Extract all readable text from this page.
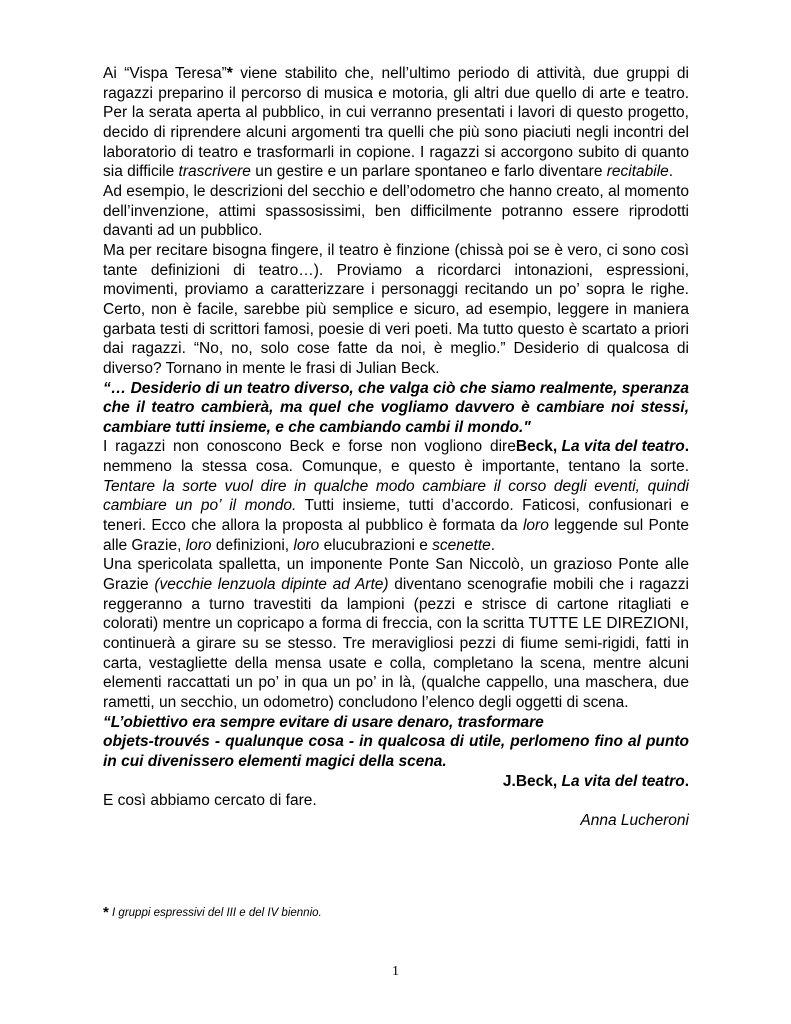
Ai “Vispa Teresa”* viene stabilito che, nell’ultimo periodo di attività, due gruppi di ragazzi preparino il percorso di musica e motoria, gli altri due quello di arte e teatro. Per la serata aperta al pubblico, in cui verranno presentati i lavori di questo progetto, decido di riprendere alcuni argomenti tra quelli che più sono piaciuti negli incontri del laboratorio di teatro e trasformarli in copione. I ragazzi si accorgono subito di quanto sia difficile trascrivere un gestire e un parlare spontaneo e farlo diventare recitabile.

Ad esempio, le descrizioni del secchio e dell’odometro che hanno creato, al momento dell’invenzione, attimi spassosissimi, ben difficilmente potranno essere riprodotti davanti ad un pubblico.

Ma per recitare bisogna fingere, il teatro è finzione (chissà poi se è vero, ci sono così tante definizioni di teatro…). Proviamo a ricordarci intonazioni, espressioni, movimenti, proviamo a caratterizzare i personaggi recitando un po’ sopra le righe. Certo, non è facile, sarebbe più semplice e sicuro, ad esempio, leggere in maniera garbata testi di scrittori famosi, poesie di veri poeti. Ma tutto questo è scartato a priori dai ragazzi. “No, no, solo cose fatte da noi, è meglio.” Desiderio di qualcosa di diverso? Tornano in mente le frasi di Julian Beck.

“… Desiderio di un teatro diverso, che valga ciò che siamo realmente, speranza che il teatro cambierà, ma quel che vogliamo davvero è cambiare noi stessi, cambiare tutti insieme, e che cambiando cambi il mondo."
Beck, La vita del teatro.

I ragazzi non conoscono Beck e forse non vogliono dire nemmeno la stessa cosa. Comunque, e questo è importante, tentano la sorte. Tentare la sorte vuol dire in qualche modo cambiare il corso degli eventi, quindi cambiare un po’ il mondo. Tutti insieme, tutti d’accordo. Faticosi, confusionari e teneri. Ecco che allora la proposta al pubblico è formata da loro leggende sul Ponte alle Grazie, loro definizioni, loro elucubrazioni e scenette.

Una spericolata spalletta, un imponente Ponte San Niccolò, un grazioso Ponte alle Grazie (vecchie lenzuola dipinte ad Arte) diventano scenografie mobili che i ragazzi reggeranno a turno travestiti da lampioni (pezzi e strisce di cartone ritagliati e colorati) mentre un copricapo a forma di freccia, con la scritta TUTTE LE DIREZIONI, continuerà a girare su se stesso. Tre meravigliosi pezzi di fiume semi-rigidi, fatti in carta, vestagliette della mensa usate e colla, completano la scena, mentre alcuni elementi raccattati un po’ in qua un po’ in là, (qualche cappello, una maschera, due rametti, un secchio, un odometro) concludono l’elenco degli oggetti di scena.

“L’obiettivo era sempre evitare di usare denaro, trasformare

objets-trouvés - qualunque cosa - in qualcosa di utile, perlomeno fino al punto in cui divenissero elementi magici della scena.

J.Beck, La vita del teatro.

E così abbiamo cercato di fare.

Anna Lucheroni

* I gruppi espressivi del III e del IV biennio.
1
